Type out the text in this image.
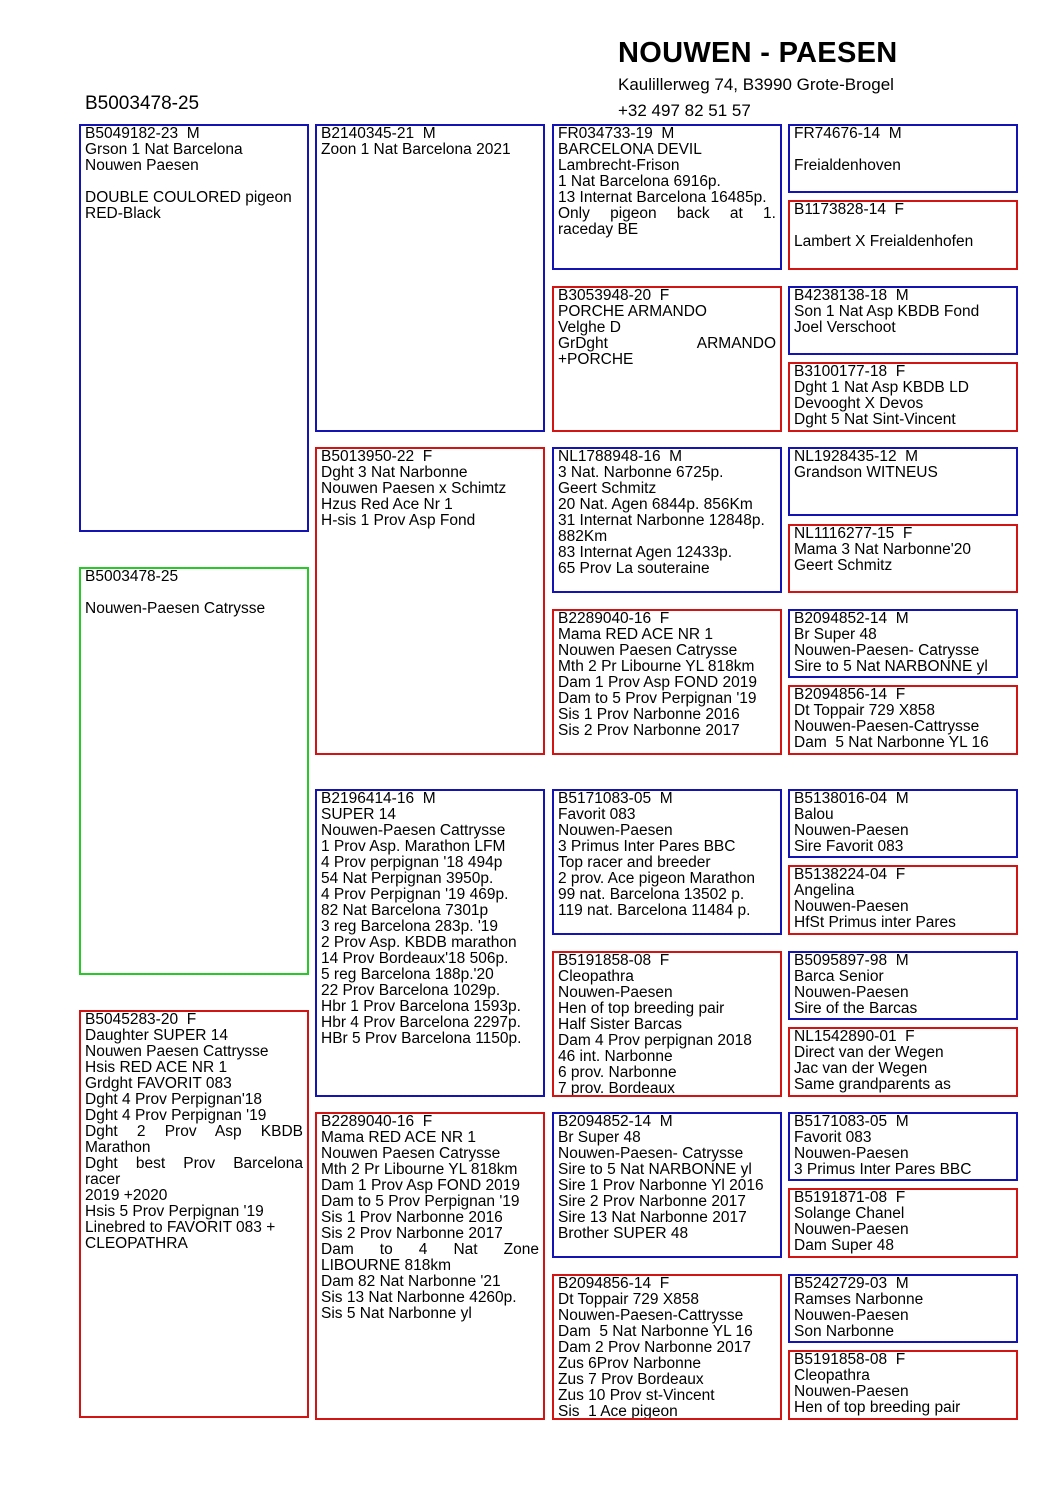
NOUWEN - PAESEN
Kaulillerweg 74, B3990 Grote-Brogel
+32 497 82 51 57
B5003478-25
B5049182-23  M
Grson 1 Nat Barcelona
Nouwen Paesen
DOUBLE COULORED pigeon
RED-Black
B5003478-25
Nouwen-Paesen Catrysse
B5045283-20  F
Daughter SUPER 14
Nouwen Paesen Cattrysse
Hsis RED ACE NR 1
Grdght FAVORIT 083
Dght 4 Prov Perpignan'18
Dght 4 Prov Perpignan '19
Dght 2 Prov Asp KBDB
Marathon
Dght best Prov Barcelona
racer
2019 +2020
Hsis 5 Prov Perpignan '19
Linebred to FAVORIT 083 +
CLEOPATHRA
B2140345-21  M
Zoon 1 Nat Barcelona 2021
B5013950-22  F
Dght 3 Nat Narbonne
Nouwen Paesen x Schimtz
Hzus Red Ace Nr 1
H-sis 1 Prov Asp Fond
B2196414-16  M
SUPER 14
Nouwen-Paesen Cattrysse
1 Prov Asp. Marathon LFM
4 Prov perpignan '18 494p
54 Nat Perpignan 3950p.
4 Prov Perpignan '19 469p.
82 Nat Barcelona 7301p
3 reg Barcelona 283p. '19
2 Prov Asp. KBDB marathon
14 Prov Bordeaux'18 506p.
5 reg Barcelona 188p.'20
22 Prov Barcelona 1029p.
Hbr 1 Prov Barcelona 1593p.
Hbr 4 Prov Barcelona 2297p.
HBr 5 Prov Barcelona 1150p.
B2289040-16  F
Mama RED ACE NR 1
Nouwen Paesen Catrysse
Mth 2 Pr Libourne YL 818km
Dam 1 Prov Asp FOND 2019
Dam to 5 Prov Perpignan '19
Sis 1 Prov Narbonne 2016
Sis 2 Prov Narbonne 2017
Dam to 4 Nat Zone
LIBOURNE 818km
Dam 82 Nat Narbonne '21
Sis 13 Nat Narbonne 4260p.
Sis 5 Nat Narbonne yl
FR034733-19  M
BARCELONA DEVIL
Lambrecht-Frison
1 Nat Barcelona 6916p.
13 Internat Barcelona 16485p.
Only pigeon back at 1.
raceday BE
B3053948-20  F
PORCHE ARMANDO
Velghe D
GrDght ARMANDO
+PORCHE
NL1788948-16  M
3 Nat. Narbonne 6725p.
Geert Schmitz
20 Nat. Agen 6844p. 856Km
31 Internat Narbonne 12848p.
882Km
83 Internat Agen 12433p.
65 Prov La souteraine
B2289040-16  F
Mama RED ACE NR 1
Nouwen Paesen Catrysse
Mth 2 Pr Libourne YL 818km
Dam 1 Prov Asp FOND 2019
Dam to 5 Prov Perpignan '19
Sis 1 Prov Narbonne 2016
Sis 2 Prov Narbonne 2017
B5171083-05  M
Favorit 083
Nouwen-Paesen
3 Primus Inter Pares BBC
Top racer and breeder
2 prov. Ace pigeon Marathon
99 nat. Barcelona 13502 p.
119 nat. Barcelona 11484 p.
B5191858-08  F
Cleopathra
Nouwen-Paesen
Hen of top breeding pair
Half Sister Barcas
Dam 4 Prov perpignan 2018
46 int. Narbonne
6 prov. Narbonne
7 prov. Bordeaux
B2094852-14  M
Br Super 48
Nouwen-Paesen- Catrysse
Sire to 5 Nat NARBONNE yl
Sire 1 Prov Narbonne Yl 2016
Sire 2 Prov Narbonne 2017
Sire 13 Nat Narbonne 2017
Brother SUPER 48
B2094856-14  F
Dt Toppair 729 X858
Nouwen-Paesen-Cattrysse
Dam  5 Nat Narbonne YL 16
Dam 2 Prov Narbonne 2017
Zus 6Prov Narbonne
Zus 7 Prov Bordeaux
Zus 10 Prov st-Vincent
Sis  1 Ace pigeon
FR74676-14  M
Freialdenhoven
B1173828-14  F
Lambert X Freialdenhofen
B4238138-18  M
Son 1 Nat Asp KBDB Fond
Joel Verschoot
B3100177-18  F
Dght 1 Nat Asp KBDB LD
Devooght X Devos
Dght 5 Nat Sint-Vincent
NL1928435-12  M
Grandson WITNEUS
NL1116277-15  F
Mama 3 Nat Narbonne'20
Geert Schmitz
B2094852-14  M
Br Super 48
Nouwen-Paesen- Catrysse
Sire to 5 Nat NARBONNE yl
B2094856-14  F
Dt Toppair 729 X858
Nouwen-Paesen-Cattrysse
Dam  5 Nat Narbonne YL 16
B5138016-04  M
Balou
Nouwen-Paesen
Sire Favorit 083
B5138224-04  F
Angelina
Nouwen-Paesen
HfSt Primus inter Pares
B5095897-98  M
Barca Senior
Nouwen-Paesen
Sire of the Barcas
NL1542890-01  F
Direct van der Wegen
Jac van der Wegen
Same grandparents as
B5171083-05  M
Favorit 083
Nouwen-Paesen
3 Primus Inter Pares BBC
B5191871-08  F
Solange Chanel
Nouwen-Paesen
Dam Super 48
B5242729-03  M
Ramses Narbonne
Nouwen-Paesen
Son Narbonne
B5191858-08  F
Cleopathra
Nouwen-Paesen
Hen of top breeding pair
